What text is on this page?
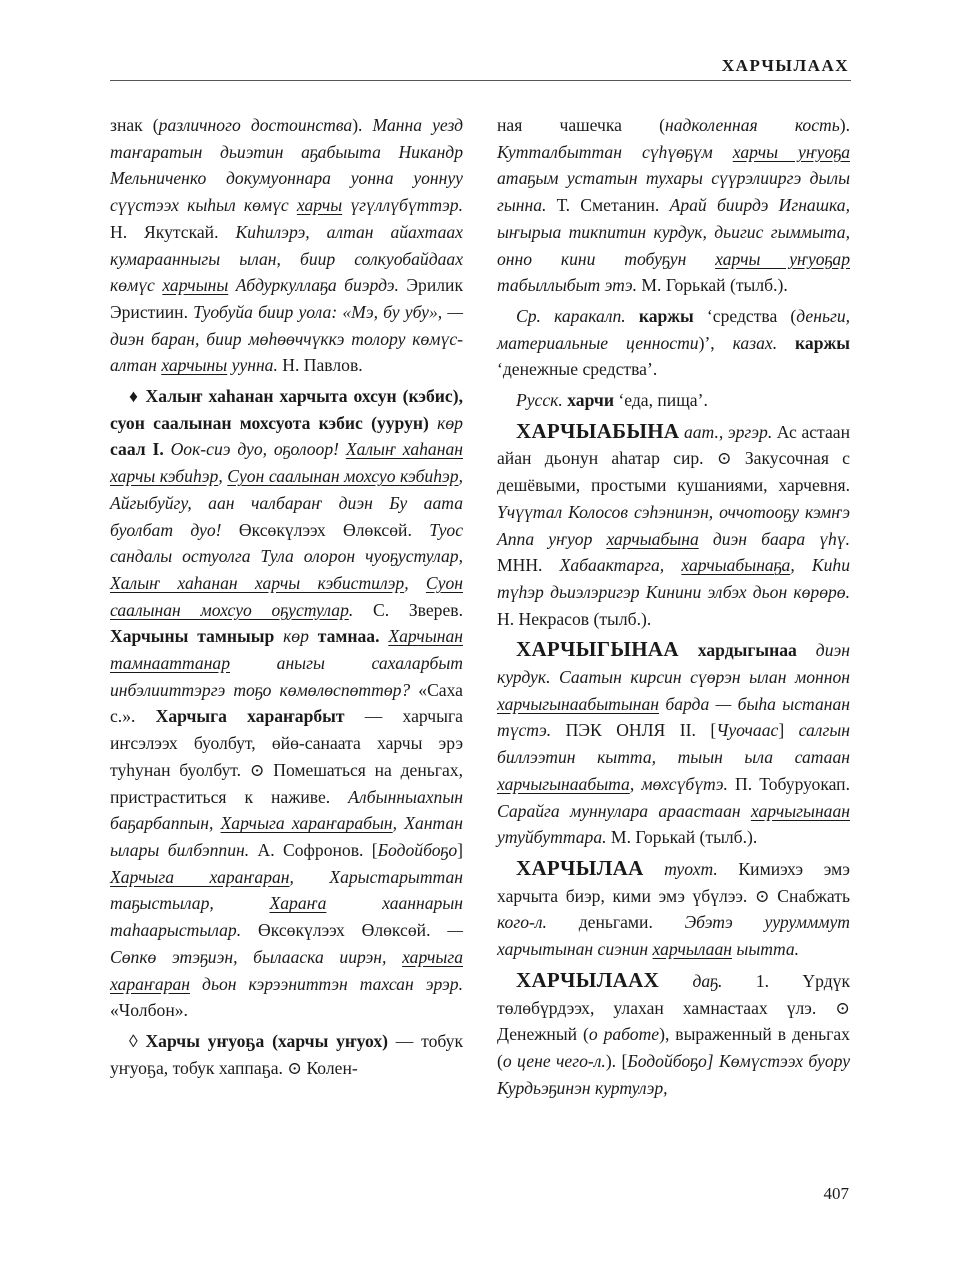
ХАРЧЫЛААХ

знак (различного достоинства). Манна уезд таҥаратын дьиэтин аҕабыыта Никандр Мельниченко докумуоннара уонна уоннуу сүүстээх кыһыл көмүс харчы үгүллүбүттэр. Н. Якутскай. Киһилэрэ, алтан айахтаах кумараанныгы ылан, биир солкуобайдаах көмүс харчыны Абдуркуллаҕа биэрдэ. Эрилик Эристиин. Туобуйа биир уола: «Мэ, бу убу», — диэн баран, биир мөһөөччүккэ толору көмүс-алтан харчыны уунна. Н. Павлов.

♦ Халыҥ хаһанан харчыта охсун (кэбис), суон саалынан мохсуота кэбис (уурун) көр саал I. Оок-сиэ дуо, оҕолоор! Халыҥ хаһанан харчы кэбиһэр, Суон саалынан мохсуо кэбиһэр, Айгыбуйгу, аан чалбараҥ диэн Бу аата буолбат дуо! Өксөкүлээх Өлөксөй. Туос сандалы остуолга Тула олорон чуоҕустулар, Халыҥ хаһанан харчы кэбистилэр, Суон саалынан мохсуо оҕустулар. С. Зверев. Харчыны тамныыр көр тамнаа. Харчынан тамнааттанар аныгы сахаларбыт инбэлииттэргэ тоҕо көмөлөспөттөр? «Саха с.». Харчыга хараҥарбыт — харчыга иҥсэлээх буолбут, өйө-санаата харчы эрэ туһунан буолбут. ⊙ Помешаться на деньгах, пристраститься к наживе. Албынныахпын баҕарбаппын, Харчыга хараҥарабын, Хантан ылары билбэппин. А. Софронов. [Бодойбоҕо] Харчыга хараҥаран, Харыстарыттан таҕыстылар, Хараҥа хааннарын таһаарыстылар. Өксөкүлээх Өлөксөй. — Сөпкө этэҕиэн, былааска иирэн, харчыга хараҥаран дьон кэрээниттэн тахсан эрэр. «Чолбон».

◊ Харчы уҥуоҕа (харчы уҥуох) — тобук уҥуоҕа, тобук хаппаҕа. ⊙ Колен-

ная чашечка (надколенная кость). Кутталбыттан сүһүөҕүм харчы уҥуоҕа атаҕым устатын тухары сүүрэлииргэ дылы гынна. Т. Сметанин. Арай биирдэ Игнашка, ыҥырыа тикпитин курдук, дьигис гыммыта, онно кини тобуҕун харчы уҥуоҕар табыллыбыт этэ. М. Горькай (тылб.).

Ср. каракалп. каржы ‘средства (деньги, материальные ценности)’, казах. каржы ‘денежные средства’.

Русск. харчи ‘еда, пища’.

ХАРЧЫАБЫНА аат., эргэр. Ас астаан айан дьонун аһатар сир. ⊙ Закусочная с дешёвыми, простыми кушаниями, харчевня. Үчүүтал Колосов сэһэнинэн, оччотооҕу кэмҥэ Аппа уҥуор харчыабына диэн баара үһү. МНН. Хабаактарга, харчыабынаҕа, Киһи түһэр дьиэлэригэр Кинини элбэх дьон көрөрө. Н. Некрасов (тылб.).

ХАРЧЫГЫНАА хардыгынаа диэн курдук. Саатын кирсин сүөрэн ылан моннон харчыгынаабытынан барда — быһа ыстанан түстэ. ПЭК ОНЛЯ II. [Чуочаас] салгын биллээтин кытта, тыын ыла сатаан харчыгынаабыта, мөхсүбүтэ. П. Тобуруокап. Сарайга муннулара араастаан харчыгынаан утуйбуттара. М. Горькай (тылб.).

ХАРЧЫЛАА туохт. Кимиэхэ эмэ харчыта биэр, кими эмэ үбүлээ. ⊙ Снабжать кого-л. деньгами. Эбэтэ уурумммут харчытынан сиэнин харчылаан ыытта.

ХАРЧЫЛААХ даҕ. 1. Үрдүк төлөбүрдээх, улахан хамнастаах үлэ. ⊙ Денежный (о работе), выраженный в деньгах (о цене чего-л.). [Бодойбоҕо] Көмүстээх буору Курдьэҕинэн куртулэр,

407
